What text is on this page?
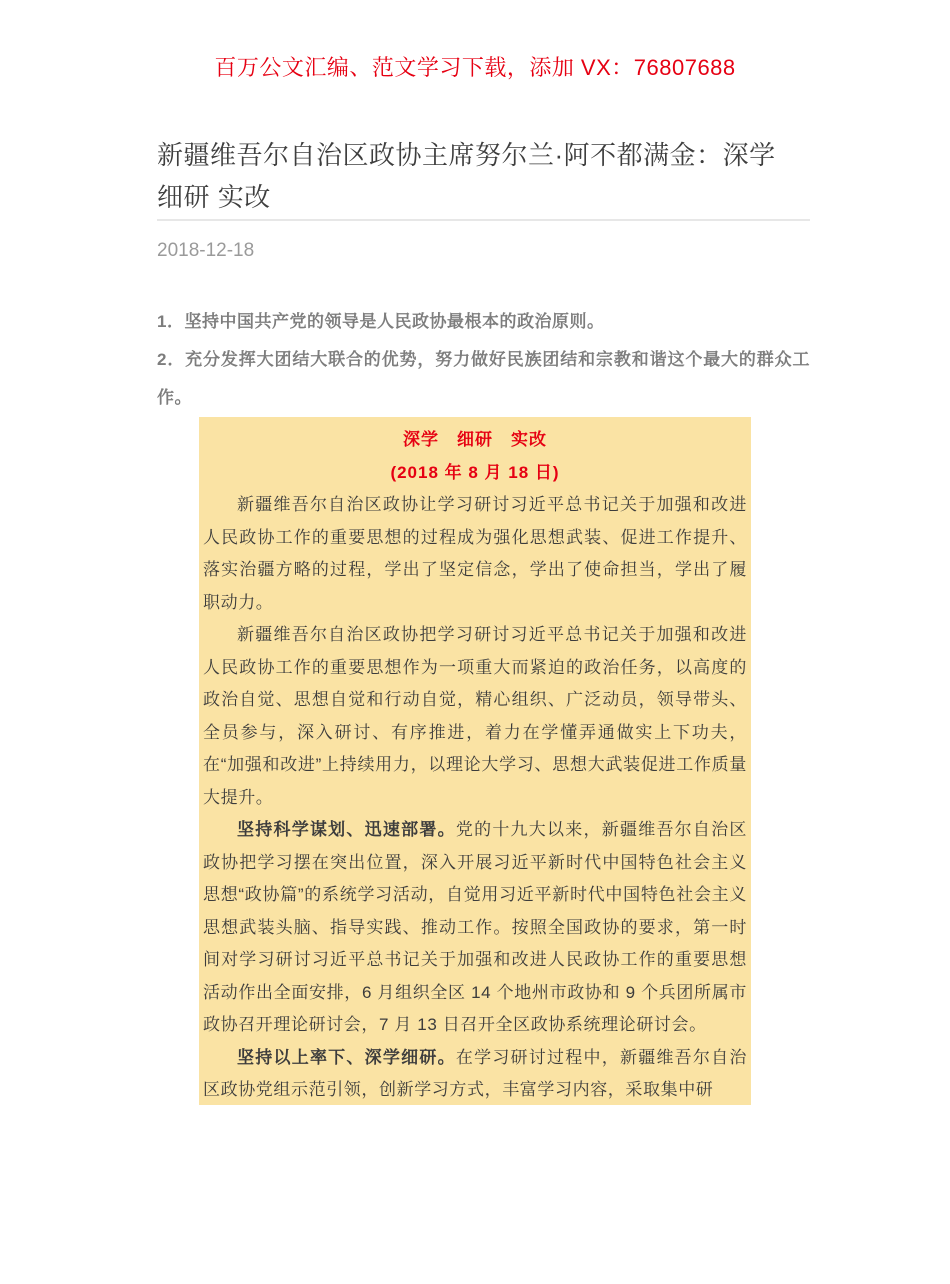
百万公文汇编、范文学习下载，添加 VX：76807688
新疆维吾尔自治区政协主席努尔兰·阿不都满金：深学
细研 实改
2018-12-18

1．坚持中国共产党的领导是人民政协最根本的政治原则。

2．充分发挥大团结大联合的优势，努力做好民族团结和宗教和谐这个最大的群众工作。

深学　细研　实改

(2018 年 8 月 18 日)

新疆维吾尔自治区政协让学习研讨习近平总书记关于加强和改进人民政协工作的重要思想的过程成为强化思想武装、促进工作提升、落实治疆方略的过程，学出了坚定信念，学出了使命担当，学出了履职动力。

新疆维吾尔自治区政协把学习研讨习近平总书记关于加强和改进人民政协工作的重要思想作为一项重大而紧迫的政治任务，以高度的政治自觉、思想自觉和行动自觉，精心组织、广泛动员，领导带头、全员参与，深入研讨、有序推进，着力在学懂弄通做实上下功夫，在“加强和改进”上持续用力，以理论大学习、思想大武装促进工作质量大提升。

坚持科学谋划、迅速部署。党的十九大以来，新疆维吾尔自治区政协把学习摆在突出位置，深入开展习近平新时代中国特色社会主义思想“政协篇”的系统学习活动，自觉用习近平新时代中国特色社会主义思想武装头脑、指导实践、推动工作。按照全国政协的要求，第一时间对学习研讨习近平总书记关于加强和改进人民政协工作的重要思想活动作出全面安排，6 月组织全区 14 个地州市政协和 9 个兵团所属市政协召开理论研讨会，7 月 13 日召开全区政协系统理论研讨会。

坚持以上率下、深学细研。在学习研讨过程中，新疆维吾尔自治区政协党组示范引领，创新学习方式，丰富学习内容，采取集中研
